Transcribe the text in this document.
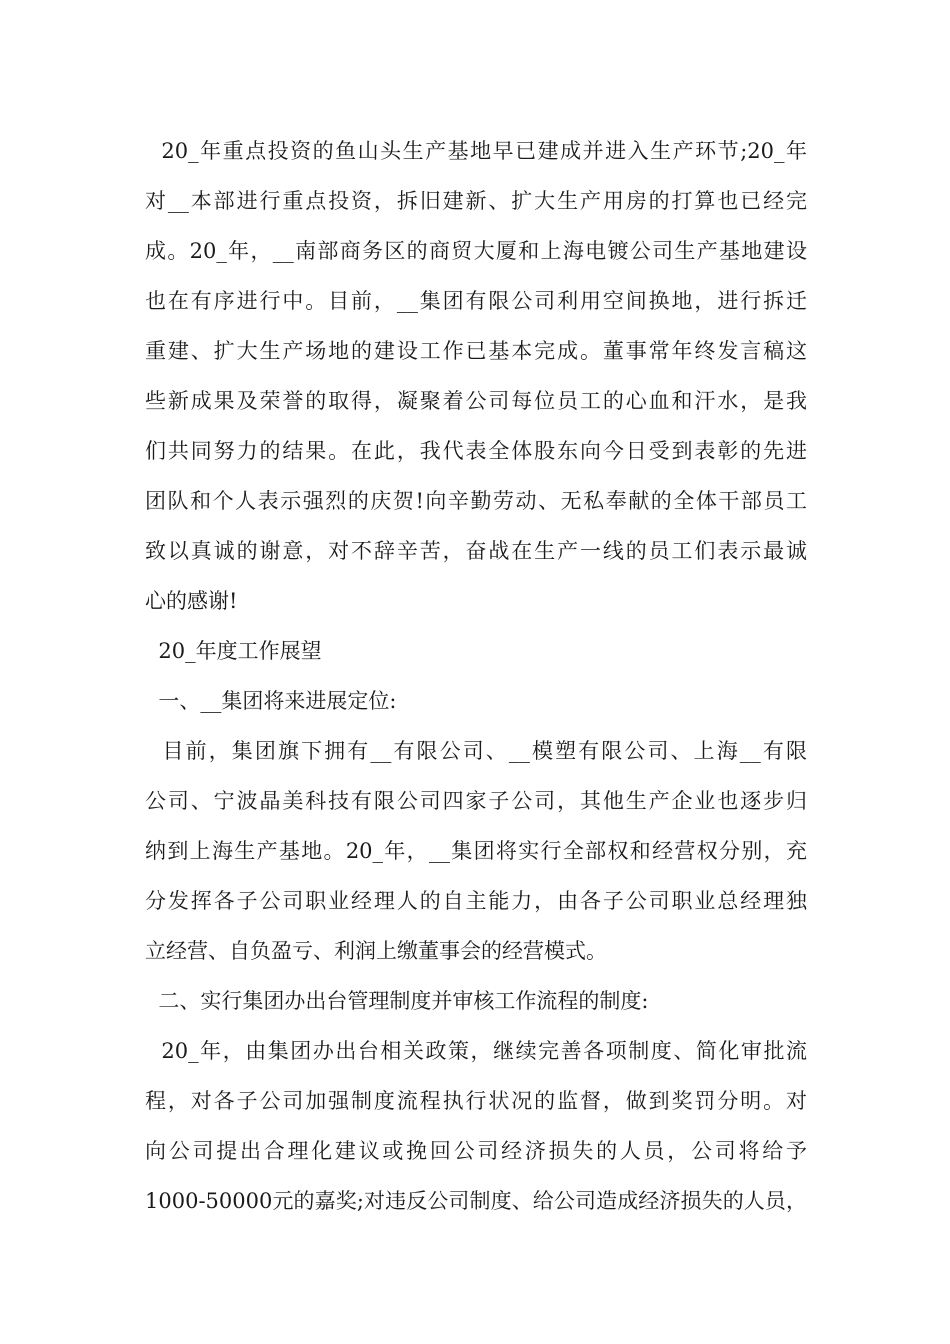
20_年重点投资的鱼山头生产基地早已建成并进入生产环节;20_年
对__本部进行重点投资，拆旧建新、扩大生产用房的打算也已经完
成。20_年，__南部商务区的商贸大厦和上海电镀公司生产基地建设
也在有序进行中。目前，__集团有限公司利用空间换地，进行拆迁
重建、扩大生产场地的建设工作已基本完成。董事常年终发言稿这
些新成果及荣誉的取得，凝聚着公司每位员工的心血和汗水，是我
们共同努力的结果。在此，我代表全体股东向今日受到表彰的先进
团队和个人表示强烈的庆贺!向辛勤劳动、无私奉献的全体干部员工
致以真诚的谢意，对不辞辛苦，奋战在生产一线的员工们表示最诚
心的感谢!
20_年度工作展望
一、__集团将来进展定位:
目前，集团旗下拥有__有限公司、__模塑有限公司、上海__有限
公司、宁波晶美科技有限公司四家子公司，其他生产企业也逐步归
纳到上海生产基地。20_年，__集团将实行全部权和经营权分别，充
分发挥各子公司职业经理人的自主能力，由各子公司职业总经理独
立经营、自负盈亏、利润上缴董事会的经营模式。
二、实行集团办出台管理制度并审核工作流程的制度:
20_年，由集团办出台相关政策，继续完善各项制度、简化审批流
程，对各子公司加强制度流程执行状况的监督，做到奖罚分明。对
向公司提出合理化建议或挽回公司经济损失的人员，公司将给予
1000-50000元的嘉奖;对违反公司制度、给公司造成经济损失的人员，
